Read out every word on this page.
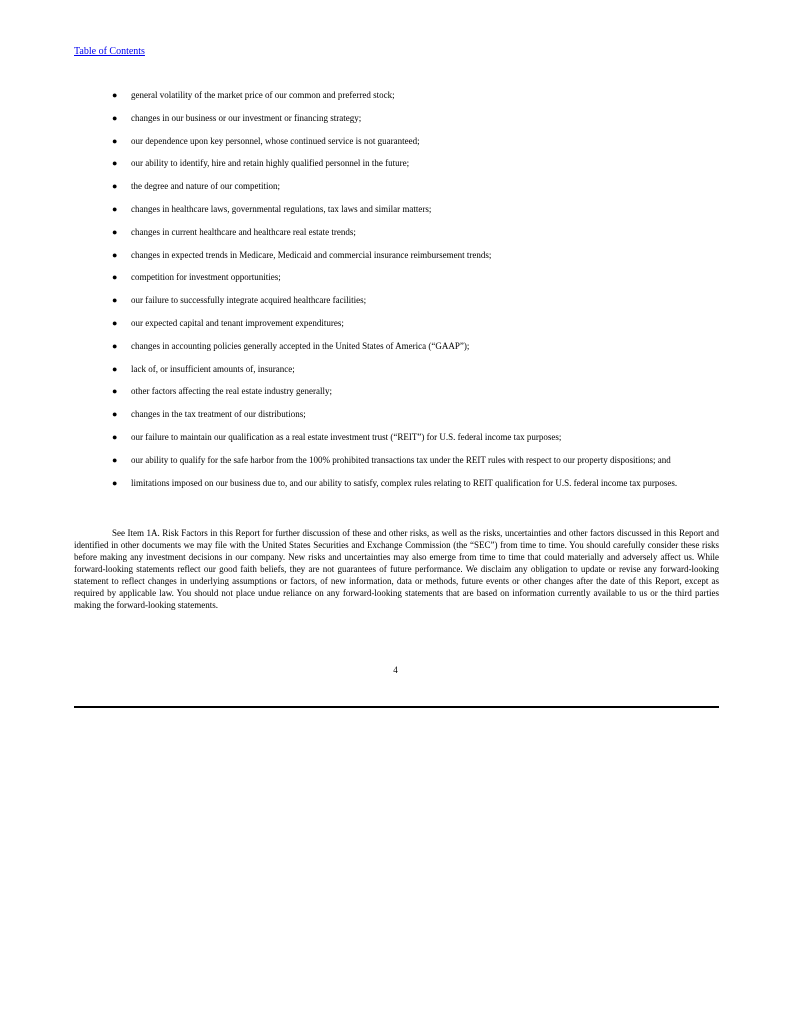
Table of Contents
● general volatility of the market price of our common and preferred stock;
● changes in our business or our investment or financing strategy;
● our dependence upon key personnel, whose continued service is not guaranteed;
● our ability to identify, hire and retain highly qualified personnel in the future;
● the degree and nature of our competition;
● changes in healthcare laws, governmental regulations, tax laws and similar matters;
● changes in current healthcare and healthcare real estate trends;
● changes in expected trends in Medicare, Medicaid and commercial insurance reimbursement trends;
● competition for investment opportunities;
● our failure to successfully integrate acquired healthcare facilities;
● our expected capital and tenant improvement expenditures;
● changes in accounting policies generally accepted in the United States of America (“GAAP”);
● lack of, or insufficient amounts of, insurance;
● other factors affecting the real estate industry generally;
● changes in the tax treatment of our distributions;
● our failure to maintain our qualification as a real estate investment trust (“REIT”) for U.S. federal income tax purposes;
● our ability to qualify for the safe harbor from the 100% prohibited transactions tax under the REIT rules with respect to our property dispositions; and
● limitations imposed on our business due to, and our ability to satisfy, complex rules relating to REIT qualification for U.S. federal income tax purposes.

See Item 1A. Risk Factors in this Report for further discussion of these and other risks, as well as the risks, uncertainties and other factors discussed in this Report and identified in other documents we may file with the United States Securities and Exchange Commission (the “SEC”) from time to time. You should carefully consider these risks before making any investment decisions in our company. New risks and uncertainties may also emerge from time to time that could materially and adversely affect us. While forward-looking statements reflect our good faith beliefs, they are not guarantees of future performance. We disclaim any obligation to update or revise any forward-looking statement to reflect changes in underlying assumptions or factors, of new information, data or methods, future events or other changes after the date of this Report, except as required by applicable law. You should not place undue reliance on any forward-looking statements that are based on information currently available to us or the third parties making the forward-looking statements.

4
